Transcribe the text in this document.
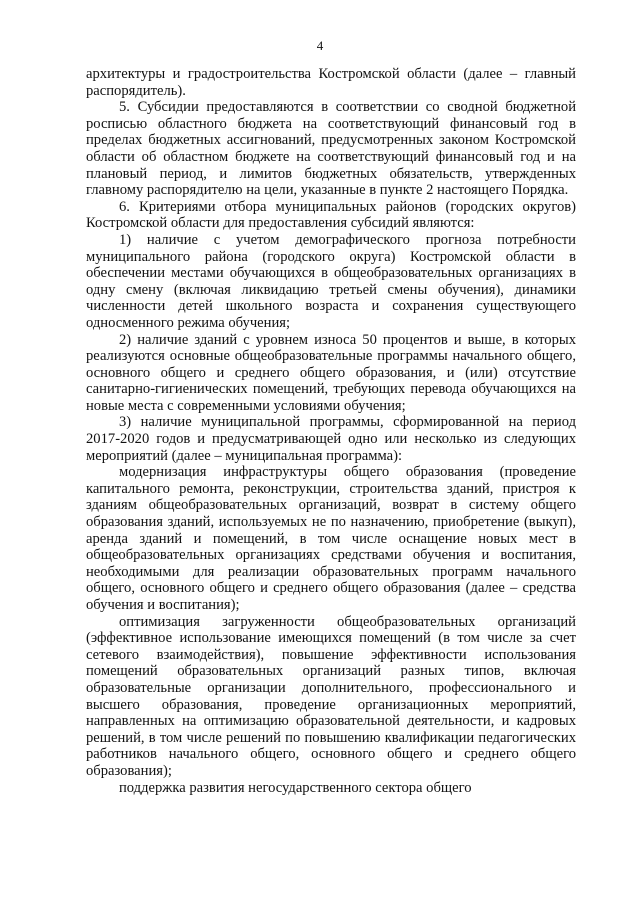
4

архитектуры и градостроительства Костромской области (далее – главный распорядитель).

5. Субсидии предоставляются в соответствии со сводной бюджетной росписью областного бюджета на соответствующий финансовый год в пределах бюджетных ассигнований, предусмотренных законом Костромской области об областном бюджете на соответствующий финансовый год и на плановый период, и лимитов бюджетных обязательств, утвержденных главному распорядителю на цели, указанные в пункте 2 настоящего Порядка.

6. Критериями отбора муниципальных районов (городских округов) Костромской области для предоставления субсидий являются:

1) наличие с учетом демографического прогноза потребности муниципального района (городского округа) Костромской области в обеспечении местами обучающихся в общеобразовательных организациях в одну смену (включая ликвидацию третьей смены обучения), динамики численности детей школьного возраста и сохранения существующего односменного режима обучения;

2) наличие зданий с уровнем износа 50 процентов и выше, в которых реализуются основные общеобразовательные программы начального общего, основного общего и среднего общего образования, и (или) отсутствие санитарно-гигиенических помещений, требующих перевода обучающихся на новые места с современными условиями обучения;

3) наличие муниципальной программы, сформированной на период 2017-2020 годов и предусматривающей одно или несколько из следующих мероприятий (далее – муниципальная программа):

модернизация инфраструктуры общего образования (проведение капитального ремонта, реконструкции, строительства зданий, пристроя к зданиям общеобразовательных организаций, возврат в систему общего образования зданий, используемых не по назначению, приобретение (выкуп), аренда зданий и помещений, в том числе оснащение новых мест в общеобразовательных организациях средствами обучения и воспитания, необходимыми для реализации образовательных программ начального общего, основного общего и среднего общего образования (далее – средства обучения и воспитания);

оптимизация загруженности общеобразовательных организаций (эффективное использование имеющихся помещений (в том числе за счет сетевого взаимодействия), повышение эффективности использования помещений образовательных организаций разных типов, включая образовательные организации дополнительного, профессионального и высшего образования, проведение организационных мероприятий, направленных на оптимизацию образовательной деятельности, и кадровых решений, в том числе решений по повышению квалификации педагогических работников начального общего, основного общего и среднего общего образования);

поддержка развития негосударственного сектора общего
